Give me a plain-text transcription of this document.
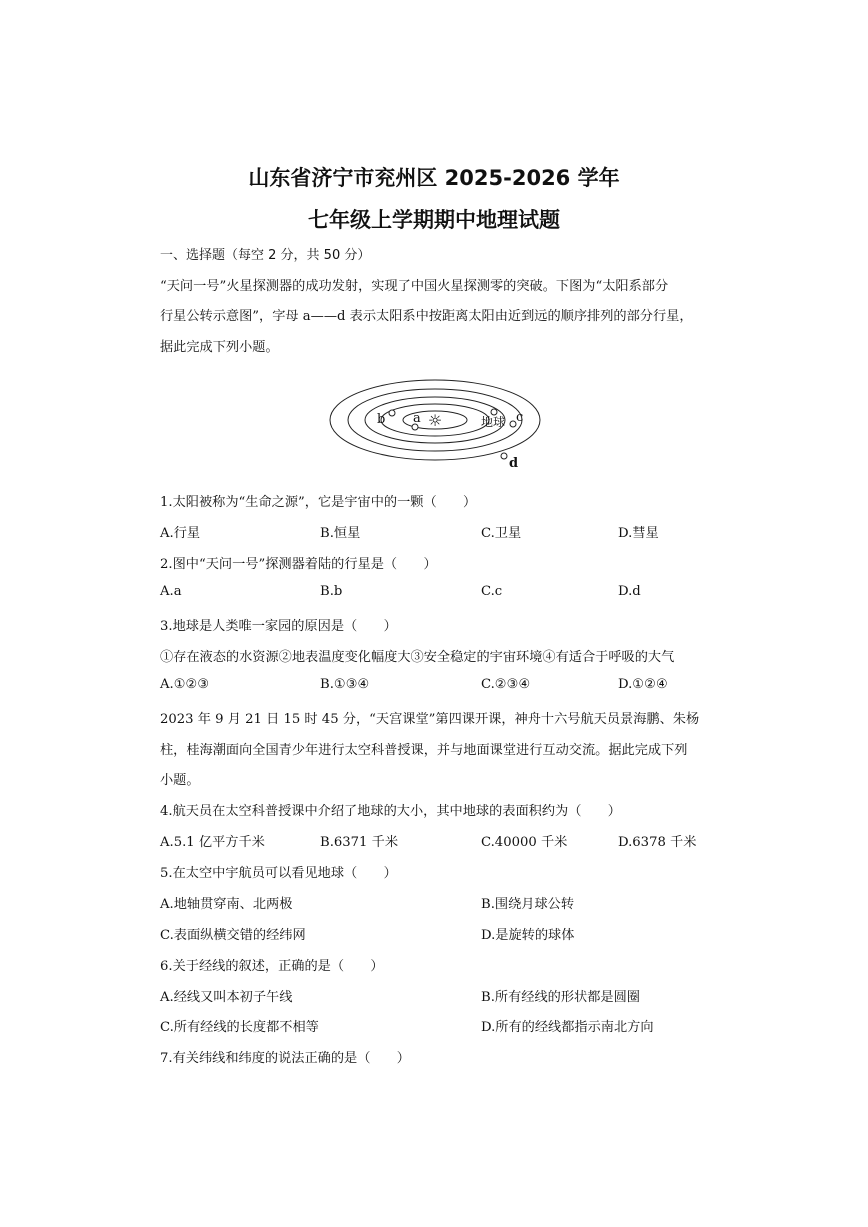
山东省济宁市兖州区 2025-2026 学年
七年级上学期期中地理试题
一、选择题（每空 2 分，共 50 分）
“天问一号”火星探测器的成功发射，实现了中国火星探测零的突破。下图为“太阳系部分
行星公转示意图”，字母 a——d 表示太阳系中按距离太阳由近到远的顺序排列的部分行星，
据此完成下列小题。
☼
a
b	地球 c
d
1.太阳被称为“生命之源”，它是宇宙中的一颗（　　）
A.行星	B.恒星	C.卫星	D.彗星
2.图中“天问一号”探测器着陆的行星是（　　）
A.a	B.b	C.c	D.d
3.地球是人类唯一家园的原因是（　　）
①存在液态的水资源②地表温度变化幅度大③安全稳定的宇宙环境④有适合于呼吸的大气
A.①②③	B.①③④	C.②③④	D.①②④
2023 年 9 月 21 日 15 时 45 分，“天宫课堂”第四课开课，神舟十六号航天员景海鹏、朱杨
柱，桂海潮面向全国青少年进行太空科普授课，并与地面课堂进行互动交流。据此完成下列
小题。
4.航天员在太空科普授课中介绍了地球的大小，其中地球的表面积约为（　　）
A.5.1 亿平方千米	B.6371 千米	C.40000 千米	D.6378 千米
5.在太空中宇航员可以看见地球（　　）
A.地轴贯穿南、北两极	B.围绕月球公转
C.表面纵横交错的经纬网	D.是旋转的球体
6.关于经线的叙述，正确的是（　　）
A.经线又叫本初子午线	B.所有经线的形状都是圆圈
C.所有经线的长度都不相等	D.所有的经线都指示南北方向
7.有关纬线和纬度的说法正确的是（　　）
